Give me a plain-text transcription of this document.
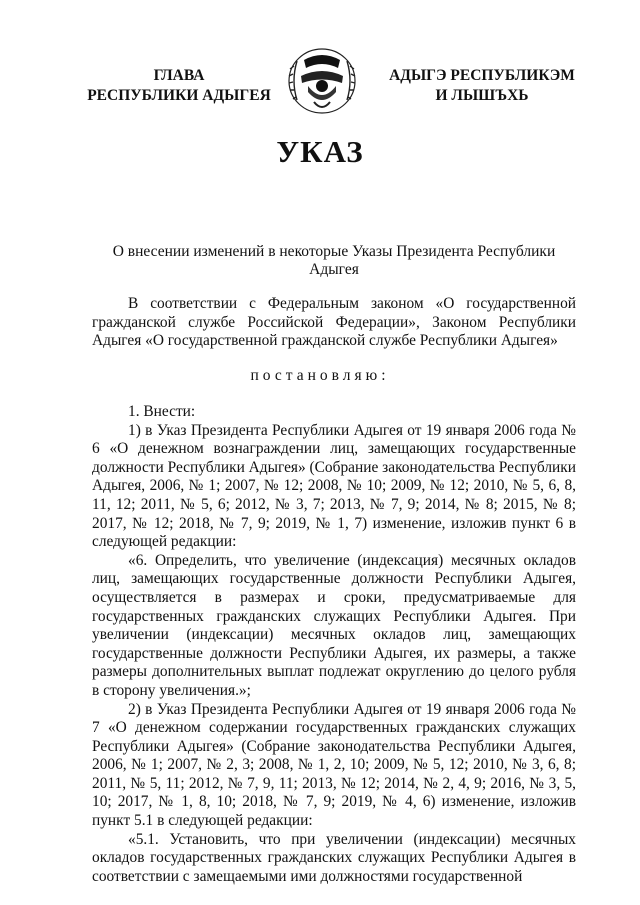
ГЛАВА
РЕСПУБЛИКИ АДЫГЕЯ
АДЫГЭ РЕСПУБЛИКЭМ
И ЛЫШЪХЬ
УКАЗ
О внесении изменений в некоторые Указы Президента Республики Адыгея

В соответствии с Федеральным законом «О государственной гражданской службе Российской Федерации», Законом Республики Адыгея «О государственной гражданской службе Республики Адыгея»

постановляю:

1. Внести:

1) в Указ Президента Республики Адыгея от 19 января 2006 года № 6 «О денежном вознаграждении лиц, замещающих государственные должности Республики Адыгея» (Собрание законодательства Республики Адыгея, 2006, № 1; 2007, № 12; 2008, № 10; 2009, № 12; 2010, № 5, 6, 8, 11, 12; 2011, № 5, 6; 2012, № 3, 7; 2013, № 7, 9; 2014, № 8; 2015, № 8; 2017, № 12; 2018, № 7, 9; 2019, № 1, 7) изменение, изложив пункт 6 в следующей редакции:

«6. Определить, что увеличение (индексация) месячных окладов лиц, замещающих государственные должности Республики Адыгея, осуществляется в размерах и сроки, предусматриваемые для государственных гражданских служащих Республики Адыгея. При увеличении (индексации) месячных окладов лиц, замещающих государственные должности Республики Адыгея, их размеры, а также размеры дополнительных выплат подлежат округлению до целого рубля в сторону увеличения.»;

2) в Указ Президента Республики Адыгея от 19 января 2006 года № 7 «О денежном содержании государственных гражданских служащих Республики Адыгея» (Собрание законодательства Республики Адыгея, 2006, № 1; 2007, № 2, 3; 2008, № 1, 2, 10; 2009, № 5, 12; 2010, № 3, 6, 8; 2011, № 5, 11; 2012, № 7, 9, 11; 2013, № 12; 2014, № 2, 4, 9; 2016, № 3, 5, 10; 2017, № 1, 8, 10; 2018, № 7, 9; 2019, № 4, 6) изменение, изложив пункт 5.1 в следующей редакции:

«5.1. Установить, что при увеличении (индексации) месячных окладов государственных гражданских служащих Республики Адыгея в соответствии с замещаемыми ими должностями государственной
